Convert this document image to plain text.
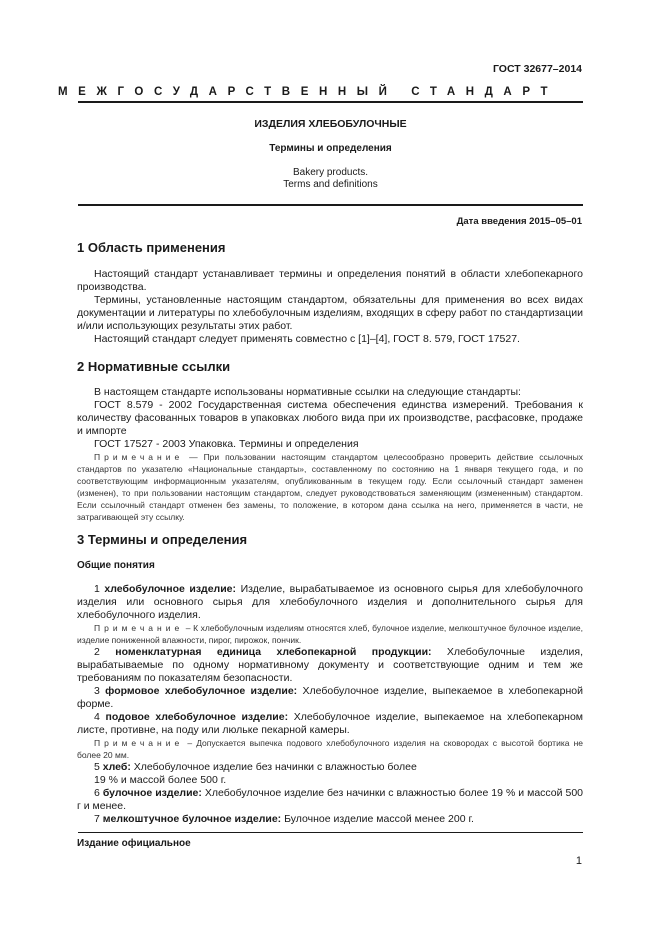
ГОСТ 32677–2014
МЕЖГОСУДАРСТВЕННЫЙ СТАНДАРТ
ИЗДЕЛИЯ ХЛЕБОБУЛОЧНЫЕ
Термины и определения
Bakery products.
Terms and definitions
Дата введения 2015–05–01
1 Область применения
Настоящий стандарт устанавливает термины и определения понятий в области хлебопекарного производства.
Термины, установленные настоящим стандартом, обязательны для применения во всех видах документации и литературы по хлебобулочным изделиям, входящих в сферу работ по стандартизации и/или использующих результаты этих работ.
Настоящий стандарт следует применять совместно с [1]–[4], ГОСТ 8. 579, ГОСТ 17527.
2 Нормативные ссылки
В настоящем стандарте использованы нормативные ссылки на следующие стандарты:
ГОСТ 8.579 - 2002 Государственная система обеспечения единства измерений. Требования к количеству фасованных товаров в упаковках любого вида при их производстве, расфасовке, продаже и импорте
ГОСТ 17527 - 2003 Упаковка. Термины и определения
Примечание — При пользовании настоящим стандартом целесообразно проверить действие ссылочных стандартов по указателю «Национальные стандарты», составленному по состоянию на 1 января текущего года, и по соответствующим информационным указателям, опубликованным в текущем году. Если ссылочный стандарт заменен (изменен), то при пользовании настоящим стандартом, следует руководствоваться заменяющим (измененным) стандартом. Если ссылочный стандарт отменен без замены, то положение, в котором дана ссылка на него, применяется в части, не затрагивающей эту ссылку.
3 Термины и определения
Общие понятия
1 хлебобулочное изделие: Изделие, вырабатываемое из основного сырья для хлебобулочного изделия или основного сырья для хлебобулочного изделия и дополнительного сырья для хлебобулочного изделия.
Примечание – К хлебобулочным изделиям относятся хлеб, булочное изделие, мелкоштучное булочное изделие, изделие пониженной влажности, пирог, пирожок, пончик.
2 номенклатурная единица хлебопекарной продукции: Хлебобулочные изделия, вырабатываемые по одному нормативному документу и соответствующие одним и тем же требованиям по показателям безопасности.
3 формовое хлебобулочное изделие: Хлебобулочное изделие, выпекаемое в хлебопекарной форме.
4 подовое хлебобулочное изделие: Хлебобулочное изделие, выпекаемое на хлебопекарном листе, противне, на поду или люльке пекарной камеры.
Примечание – Допускается выпечка подового хлебобулочного изделия на сковородах с высотой бортика не более 20 мм.
5 хлеб: Хлебобулочное изделие без начинки с влажностью более
19 % и массой более 500 г.
6 булочное изделие: Хлебобулочное изделие без начинки с влажностью более 19 % и массой 500 г и менее.
7 мелкоштучное булочное изделие: Булочное изделие массой менее 200 г.
Издание официальное
1
